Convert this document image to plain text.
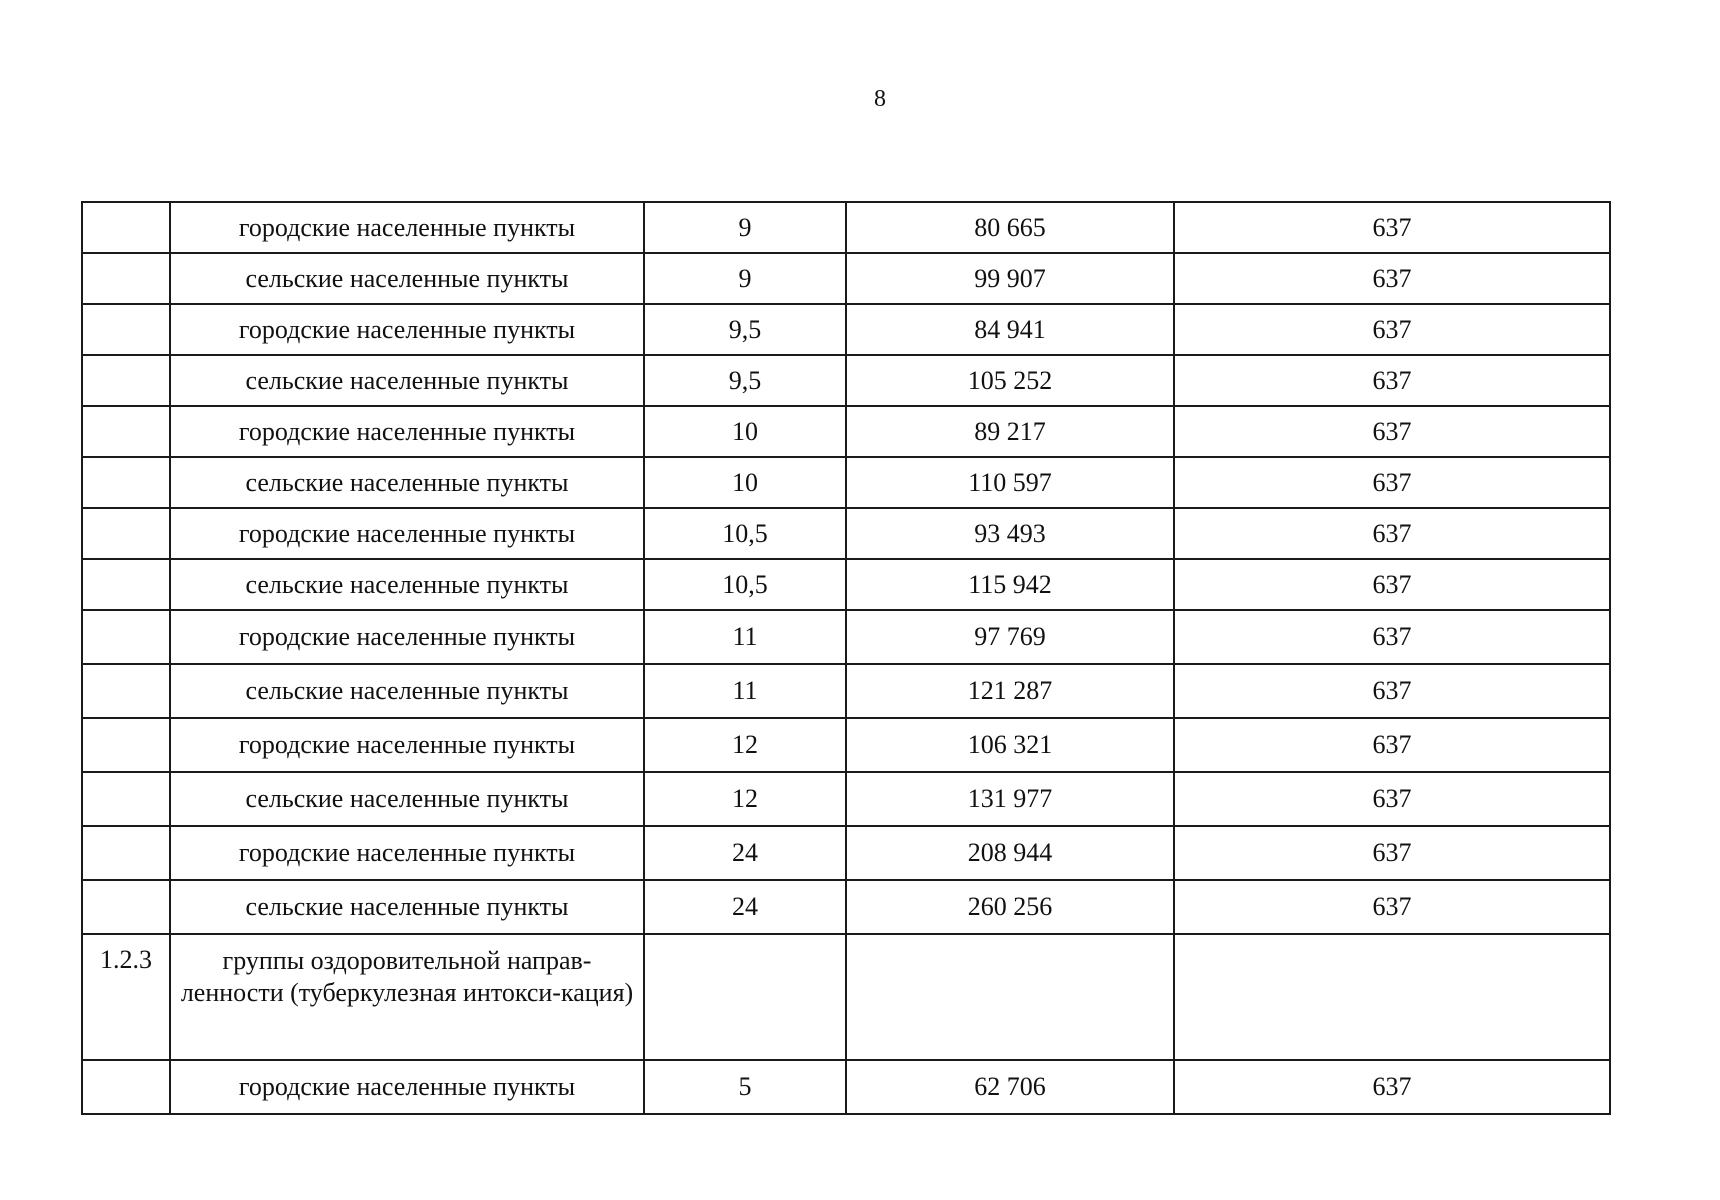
8
	городские населенные пункты	9	80 665	637
	сельские населенные пункты	9	99 907	637
	городские населенные пункты	9,5	84 941	637
	сельские населенные пункты	9,5	105 252	637
	городские населенные пункты	10	89 217	637
	сельские населенные пункты	10	110 597	637
	городские населенные пункты	10,5	93 493	637
	сельские населенные пункты	10,5	115 942	637
	городские населенные пункты	11	97 769	637
	сельские населенные пункты	11	121 287	637
	городские населенные пункты	12	106 321	637
	сельские населенные пункты	12	131 977	637
	городские населенные пункты	24	208 944	637
	сельские населенные пункты	24	260 256	637
1.2.3	группы оздоровительной направ-ленности (туберкулезная интокси-кация)			
	городские населенные пункты	5	62 706	637
